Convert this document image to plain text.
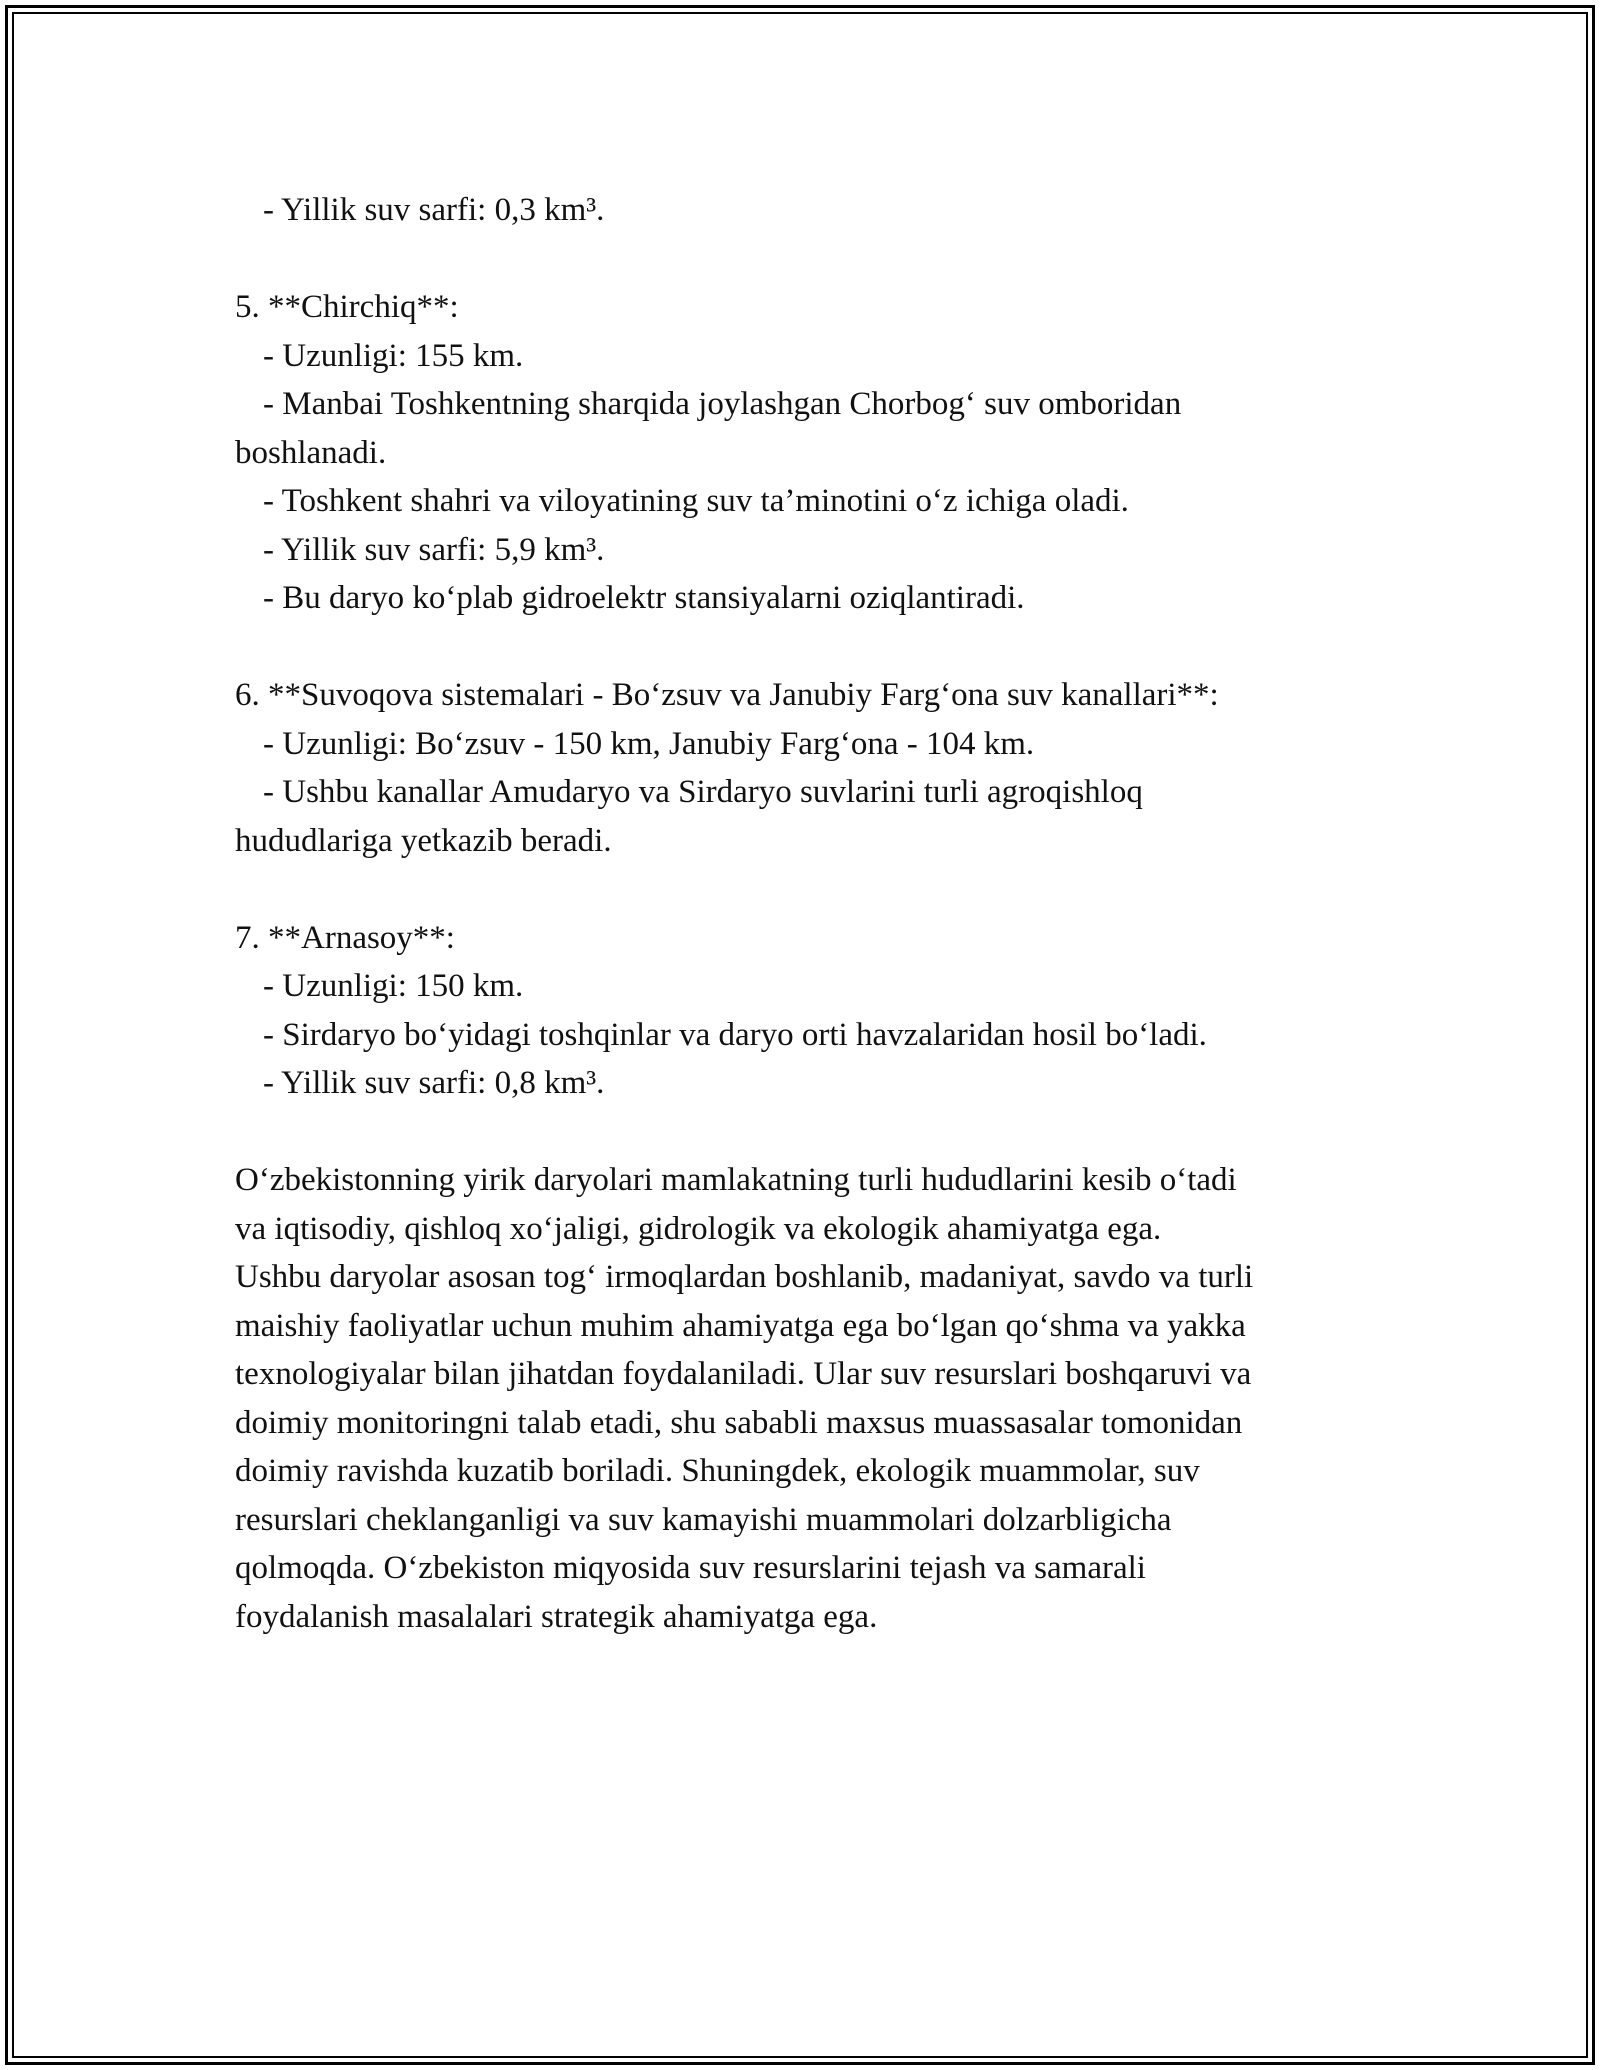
- Yillik suv sarfi: 0,3 km³.
5. **Chirchiq**:
- Uzunligi: 155 km.
- Manbai Toshkentning sharqida joylashgan Chorbog‘ suv omboridan
boshlanadi.
- Toshkent shahri va viloyatining suv ta’minotini o‘z ichiga oladi.
- Yillik suv sarfi: 5,9 km³.
- Bu daryo ko‘plab gidroelektr stansiyalarni oziqlantiradi.
6. **Suvoqova sistemalari - Bo‘zsuv va Janubiy Farg‘ona suv kanallari**:
- Uzunligi: Bo‘zsuv - 150 km, Janubiy Farg‘ona - 104 km.
- Ushbu kanallar Amudaryo va Sirdaryo suvlarini turli agroqishloq
hududlariga yetkazib beradi.
7. **Arnasoy**:
- Uzunligi: 150 km.
- Sirdaryo bo‘yidagi toshqinlar va daryo orti havzalaridan hosil bo‘ladi.
- Yillik suv sarfi: 0,8 km³.
O‘zbekistonning yirik daryolari mamlakatning turli hududlarini kesib o‘tadi
va iqtisodiy, qishloq xo‘jaligi, gidrologik va ekologik ahamiyatga ega.
Ushbu daryolar asosan tog‘ irmoqlardan boshlanib, madaniyat, savdo va turli
maishiy faoliyatlar uchun muhim ahamiyatga ega bo‘lgan qo‘shma va yakka
texnologiyalar bilan jihatdan foydalaniladi. Ular suv resurslari boshqaruvi va
doimiy monitoringni talab etadi, shu sababli maxsus muassasalar tomonidan
doimiy ravishda kuzatib boriladi. Shuningdek, ekologik muammolar, suv
resurslari cheklanganligi va suv kamayishi muammolari dolzarbligicha
qolmoqda. O‘zbekiston miqyosida suv resurslarini tejash va samarali
foydalanish masalalari strategik ahamiyatga ega.
